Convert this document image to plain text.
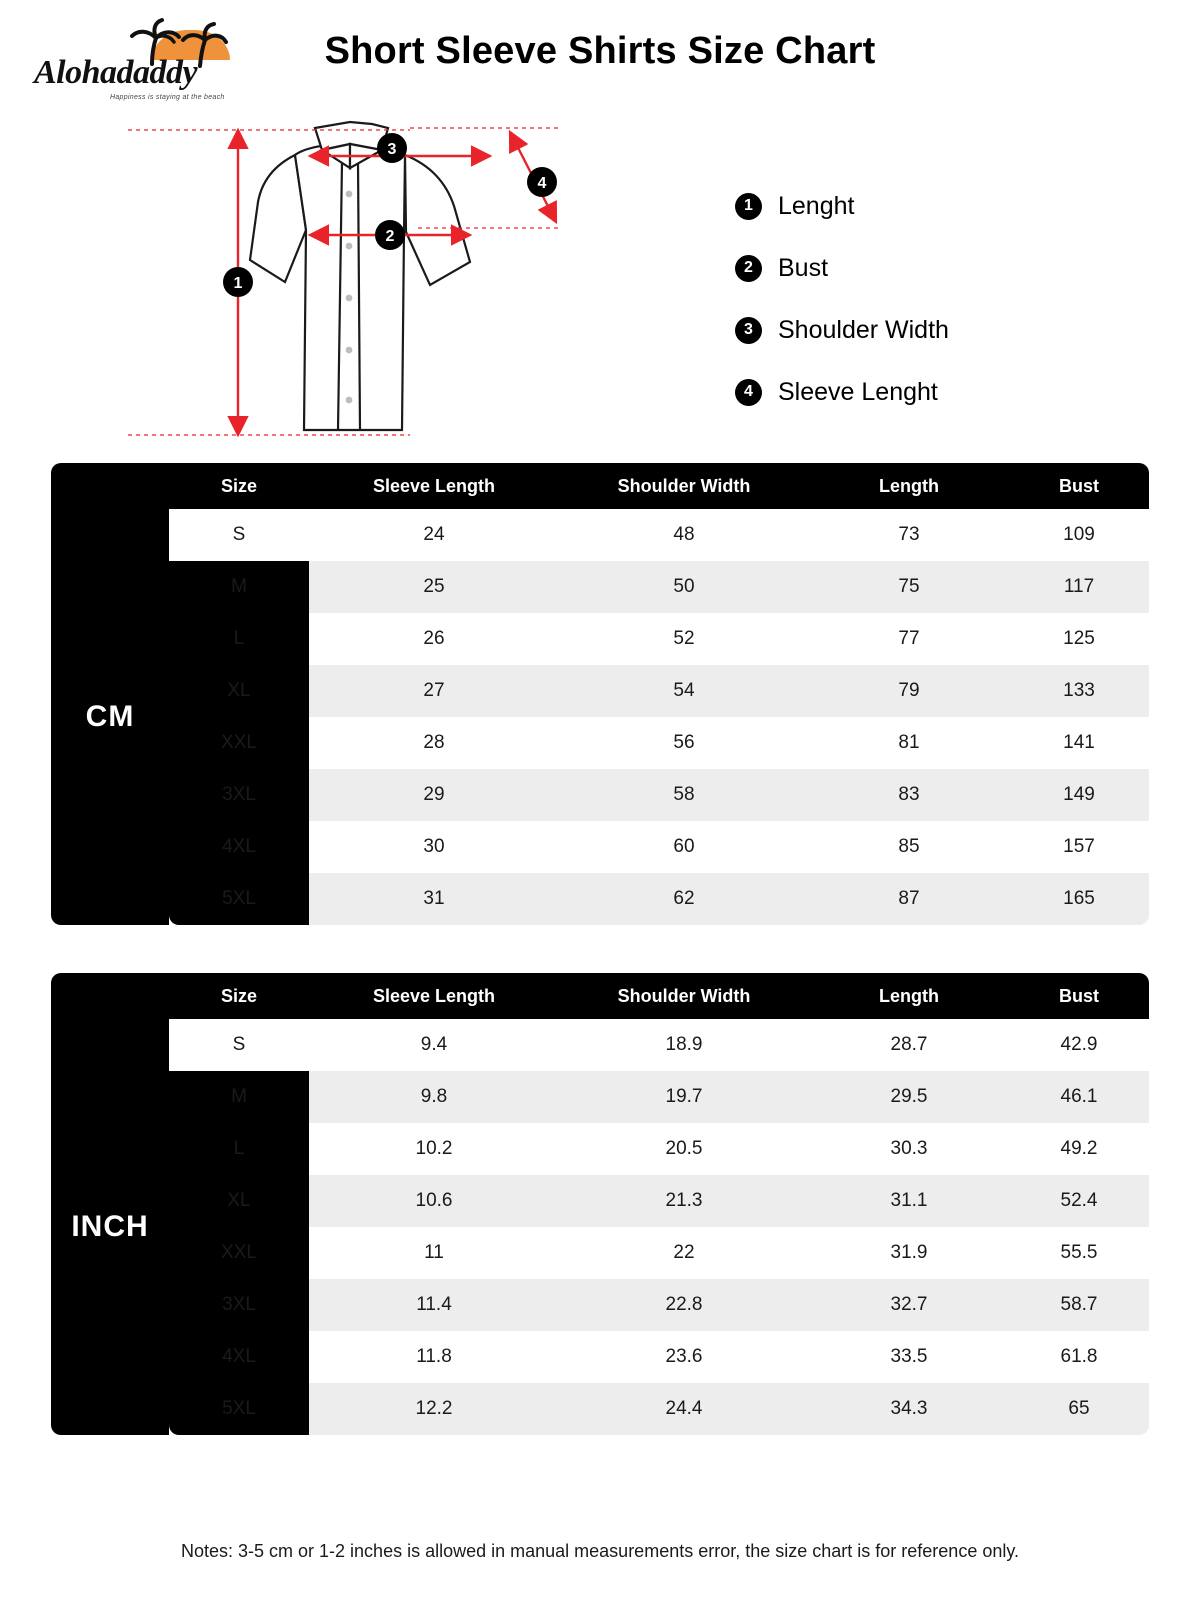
Alohadaddy
Happiness is staying at the beach
Short Sleeve Shirts Size Chart
1
2
3
4
1	Lenght
2	Bust
3	Shoulder Width
4	Sleeve Lenght
	Size	Sleeve Length	Shoulder Width	Length	Bust
CM	S	24	48	73	109
	M	25	50	75	117
	L	26	52	77	125
	XL	27	54	79	133
	XXL	28	56	81	141
	3XL	29	58	83	149
	4XL	30	60	85	157
	5XL	31	62	87	165
	Size	Sleeve Length	Shoulder Width	Length	Bust
INCH	S	9.4	18.9	28.7	42.9
	M	9.8	19.7	29.5	46.1
	L	10.2	20.5	30.3	49.2
	XL	10.6	21.3	31.1	52.4
	XXL	11	22	31.9	55.5
	3XL	11.4	22.8	32.7	58.7
	4XL	11.8	23.6	33.5	61.8
	5XL	12.2	24.4	34.3	65
Notes: 3-5 cm or 1-2 inches is allowed in manual measurements error, the size chart is for reference only.
